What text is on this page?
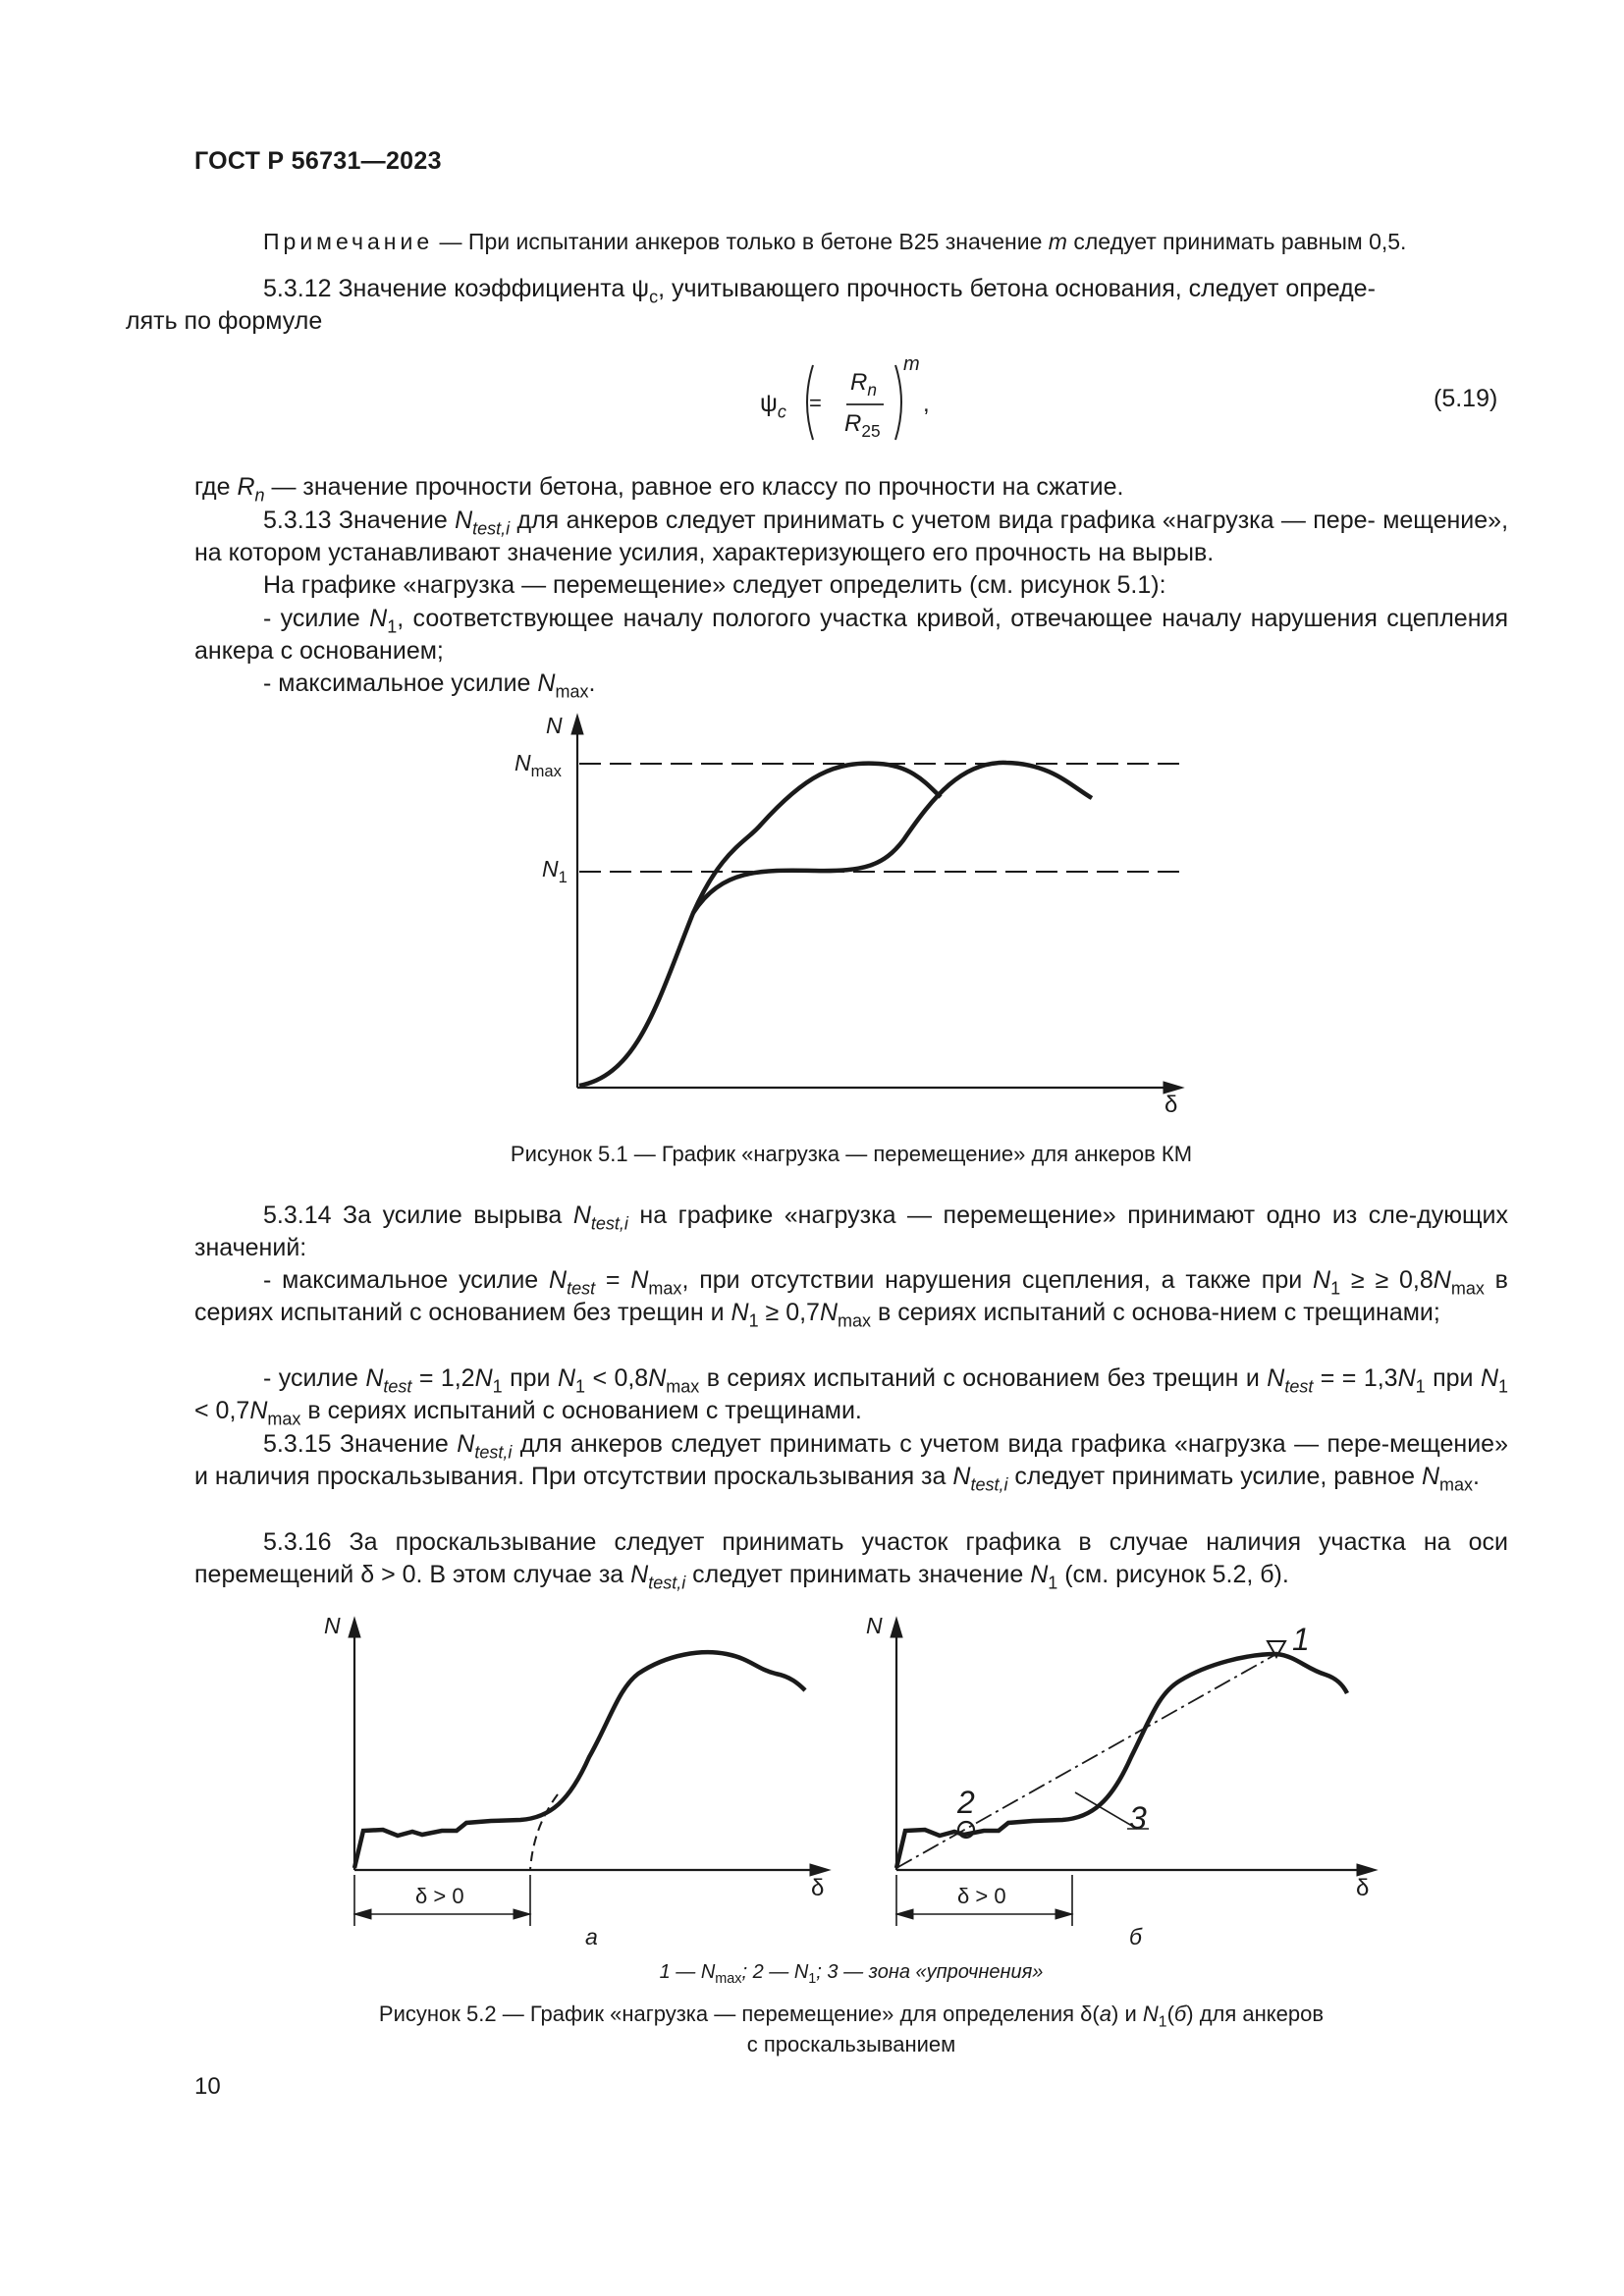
ГОСТ Р 56731—2023
Примечание — При испытании анкеров только в бетоне В25 значение m следует принимать равным 0,5.
5.3.12 Значение коэффициента $\psi_с$, учитывающего прочность бетона основания, следует опреде-
лять по формуле
$\psi_c$ =
$R_n$
$R_{25}$
m
,	(5.19)
где $R_n$ — значение прочности бетона, равное его классу по прочности на сжатие.
5.3.13 Значение $N_{test,i}$ для анкеров следует принимать с учетом вида графика «нагрузка — пере- мещение», на котором устанавливают значение усилия, характеризующего его прочность на вырыв.
На графике «нагрузка — перемещение» следует определить (см. рисунок 5.1):
- усилие $N_1$, соответствующее началу пологого участка кривой, отвечающее началу нарушения сцепления анкера с основанием;
- максимальное усилие $N_{max}$.
N
$N_{max}$
$N_1$
δ
Рисунок 5.1 — График «нагрузка — перемещение» для анкеров КМ
5.3.14 За усилие вырыва $N_{test,i}$ на графике «нагрузка — перемещение» принимают одно из сле-дующих значений:
- максимальное усилие $N_{test} = N_{max}$, при отсутствии нарушения сцепления, а также при $N_1$ ≥ ≥ $0,8N_{max}$ в сериях испытаний с основанием без трещин и $N_1 \ge 0,7N_{max}$ в сериях испытаний с основа-нием с трещинами;
- усилие $N_{test} = 1,2N_1$ при $N_1 < 0,8N_{max}$ в сериях испытаний с основанием без трещин и $N_{test}$ = = $1,3N_1$ при $N_1 < 0,7N_{max}$ в сериях испытаний с основанием с трещинами.
5.3.15 Значение $N_{test,i}$ для анкеров следует принимать с учетом вида графика «нагрузка — пере-мещение» и наличия проскальзывания. При отсутствии проскальзывания за $N_{test,i}$ следует принимать усилие, равное $N_{max}$.
5.3.16 За проскальзывание следует принимать участок графика в случае наличия участка на оси перемещений δ > 0. В этом случае за $N_{test,i}$ следует принимать значение $N_1$ (см. рисунок 5.2, б).
N
δ
δ > 0
а
N
δ
δ > 0
б
1
2	3
1 — $N_{max}$; 2 — $N_1$; 3 — зона «упрочнения»
Рисунок 5.2 — График «нагрузка — перемещение» для определения δ(а) и $N_1(б)$ для анкеров
с проскальзыванием
10
